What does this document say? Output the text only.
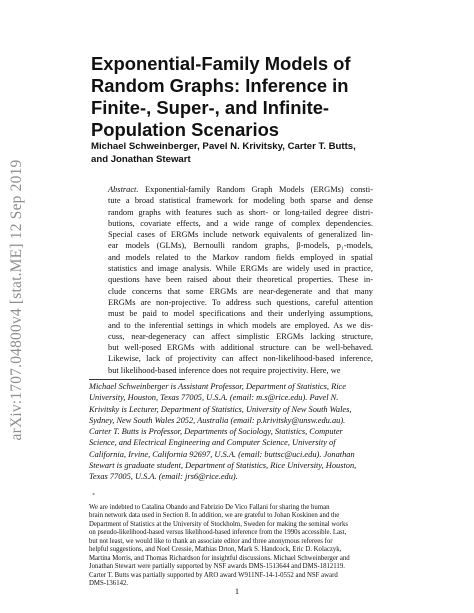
arXiv:1707.04800v4 [stat.ME] 12 Sep 2019
Exponential-Family Models of
Random Graphs: Inference in
Finite-, Super-, and Infinite-
Population Scenarios
Michael Schweinberger, Pavel N. Krivitsky, Carter T. Butts,
and Jonathan Stewart
Abstract. Exponential-family Random Graph Models (ERGMs) consti-
tute a broad statistical framework for modeling both sparse and dense
random graphs with features such as short- or long-tailed degree distri-
butions, covariate effects, and a wide range of complex dependencies.
Special cases of ERGMs include network equivalents of generalized lin-
ear models (GLMs), Bernoulli random graphs, β-models, p₁-models,
and models related to the Markov random fields employed in spatial
statistics and image analysis. While ERGMs are widely used in practice,
questions have been raised about their theoretical properties. These in-
clude concerns that some ERGMs are near-degenerate and that many
ERGMs are non-projective. To address such questions, careful attention
must be paid to model specifications and their underlying assumptions,
and to the inferential settings in which models are employed. As we dis-
cuss, near-degeneracy can affect simplistic ERGMs lacking structure,
but well-posed ERGMs with additional structure can be well-behaved.
Likewise, lack of projectivity can affect non-likelihood-based inference,
but likelihood-based inference does not require projectivity. Here, we
Michael Schweinberger is Assistant Professor, Department of Statistics, Rice
University, Houston, Texas 77005, U.S.A. (email: m.s@rice.edu). Pavel N.
Krivitsky is Lecturer, Department of Statistics, University of New South Wales,
Sydney, New South Wales 2052, Australia (email: p.krivitsky@unsw.edu.au).
Carter T. Butts is Professor, Departments of Sociology, Statistics, Computer
Science, and Electrical Engineering and Computer Science, University of
California, Irvine, California 92697, U.S.A. (email: buttsc@uci.edu). Jonathan
Stewart is graduate student, Department of Statistics, Rice University, Houston,
Texas 77005, U.S.A. (email: jrs6@rice.edu).
*
We are indebted to Catalina Obando and Fabrizio De Vico Fallani for sharing the human
brain network data used in Section 8. In addition, we are grateful to Johan Koskinen and the
Department of Statistics at the University of Stockholm, Sweden for making the seminal works
on pseudo-likelihood-based versus likelihood-based inference from the 1990s accessible. Last,
but not least, we would like to thank an associate editor and three anonymous referees for
helpful suggestions, and Noel Cressie, Mathias Drton, Mark S. Handcock, Eric D. Kolaczyk,
Martina Morris, and Thomas Richardson for insightful discussions. Michael Schweinberger and
Jonathan Stewart were partially supported by NSF awards DMS-1513644 and DMS-1812119.
Carter T. Butts was partially supported by ARO award W911NF-14-1-0552 and NSF award
DMS-136142.
1
